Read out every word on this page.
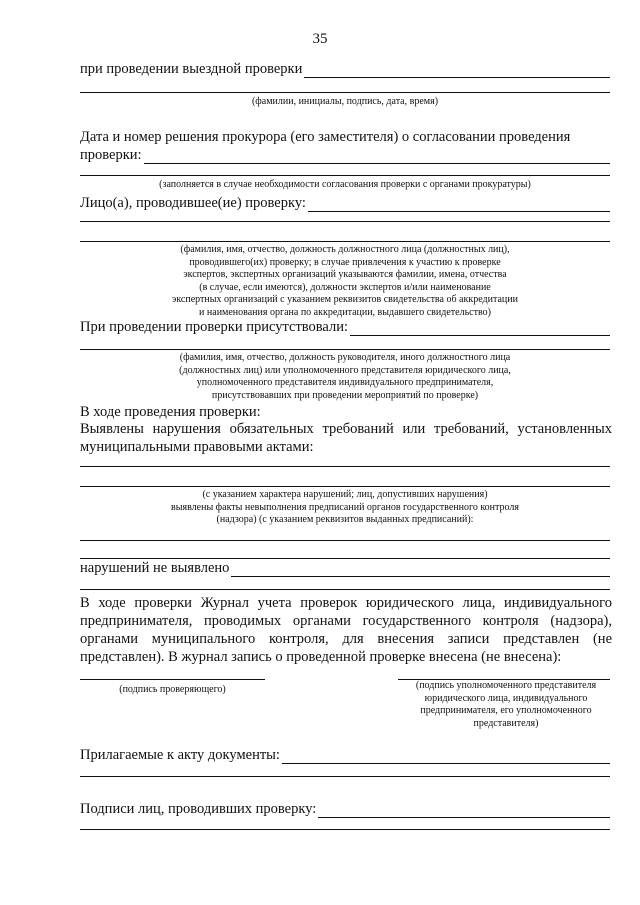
35
при проведении выездной проверки
(фамилии, инициалы, подпись, дата, время)
Дата и номер решения прокурора (его заместителя) о согласовании проведения
проверки:
(заполняется в случае необходимости согласования проверки с органами прокуратуры)
Лицо(а), проводившее(ие) проверку:
(фамилия, имя, отчество, должность должностного лица (должностных лиц),
проводившего(их) проверку; в случае привлечения к участию к проверке
экспертов, экспертных организаций указываются фамилии, имена, отчества
(в случае, если имеются), должности экспертов и/или наименование
экспертных организаций с указанием реквизитов свидетельства об аккредитации
и наименования органа по аккредитации, выдавшего свидетельство)
При проведении проверки присутствовали:
(фамилия, имя, отчество, должность руководителя, иного должностного лица
(должностных лиц) или уполномоченного представителя юридического лица,
уполномоченного представителя индивидуального предпринимателя,
присутствовавших при проведении мероприятий по проверке)
В ходе проведения проверки:
Выявлены нарушения обязательных требований или требований, установленных муниципальными правовыми актами:
(с указанием характера нарушений; лиц, допустивших нарушения)
выявлены факты невыполнения предписаний органов государственного контроля
(надзора) (с указанием реквизитов выданных предписаний):
нарушений не выявлено
В ходе проверки Журнал учета проверок юридического лица, индивидуального предпринимателя, проводимых органами государственного контроля (надзора), органами муниципального контроля, для внесения записи представлен (не представлен). В журнал запись о проведенной проверке внесена (не внесена):
(подпись проверяющего)	(подпись уполномоченного представителя
юридического лица, индивидуального
предпринимателя, его уполномоченного
представителя)
Прилагаемые к акту документы:
Подписи лиц, проводивших проверку:
